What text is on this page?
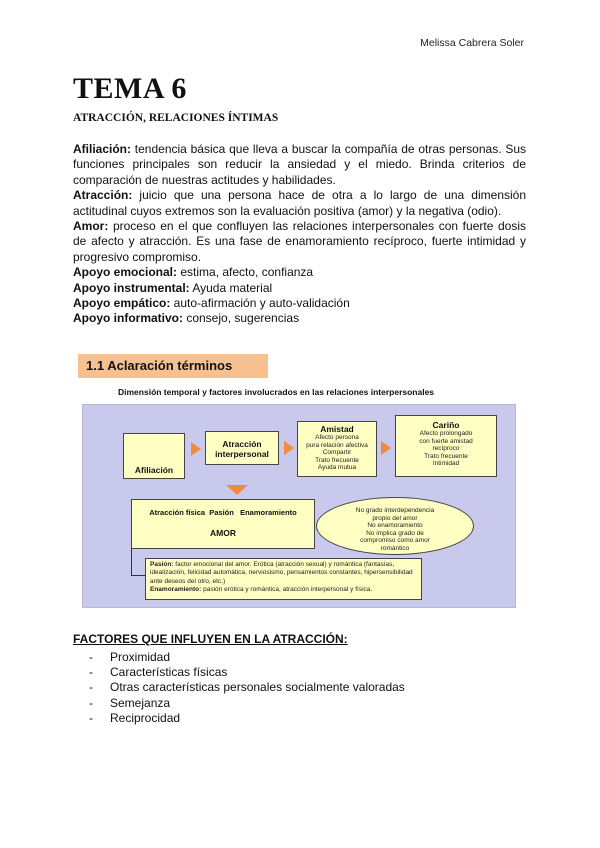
Melissa Cabrera Soler
TEMA 6
ATRACCIÓN, RELACIONES ÍNTIMAS

Afiliación: tendencia básica que lleva a buscar la compañía de otras personas. Sus funciones principales son reducir la ansiedad y el miedo. Brinda criterios de comparación de nuestras actitudes y habilidades.

Atracción: juicio que una persona hace de otra a lo largo de una dimensión actitudinal cuyos extremos son la evaluación positiva (amor) y la negativa (odio).

Amor: proceso en el que confluyen las relaciones interpersonales con fuerte dosis de afecto y atracción. Es una fase de enamoramiento recíproco, fuerte intimidad y progresivo compromiso.

Apoyo emocional: estima, afecto, confianza

Apoyo instrumental: Ayuda material

Apoyo empático: auto-afirmación y auto-validación

Apoyo informativo: consejo, sugerencias

1.1 Aclaración términos
Dimensión temporal y factores involucrados en las relaciones interpersonales
Afiliación
Atracción interpersonal
Amistad
Afecto persona
pura relación afectiva
Compartir
Trato frecuente
Ayuda mutua
Cariño
Afecto prolongado
con fuerte amistad
recíproco
Trato frecuente
Intimidad
Atracción física  Pasión   Enamoramiento
AMOR
No grado interdependencia
propio del amor
No enamoramiento
No implica grado de
compromiso como amor
romántico
Pasión: factor emocional del amor. Erótica (atracción sexual) y romántica (fantasías, idealización, felicidad automática, nerviosismo, pensamientos constantes, hipersensibilidad ante deseos del otro, etc.)
Enamoramiento: pasión erótica y romántica, atracción interpersonal y física.
FACTORES QUE INFLUYEN EN LA ATRACCIÓN:
- Proximidad
- Características físicas
- Otras características personales socialmente valoradas
- Semejanza
- Reciprocidad
